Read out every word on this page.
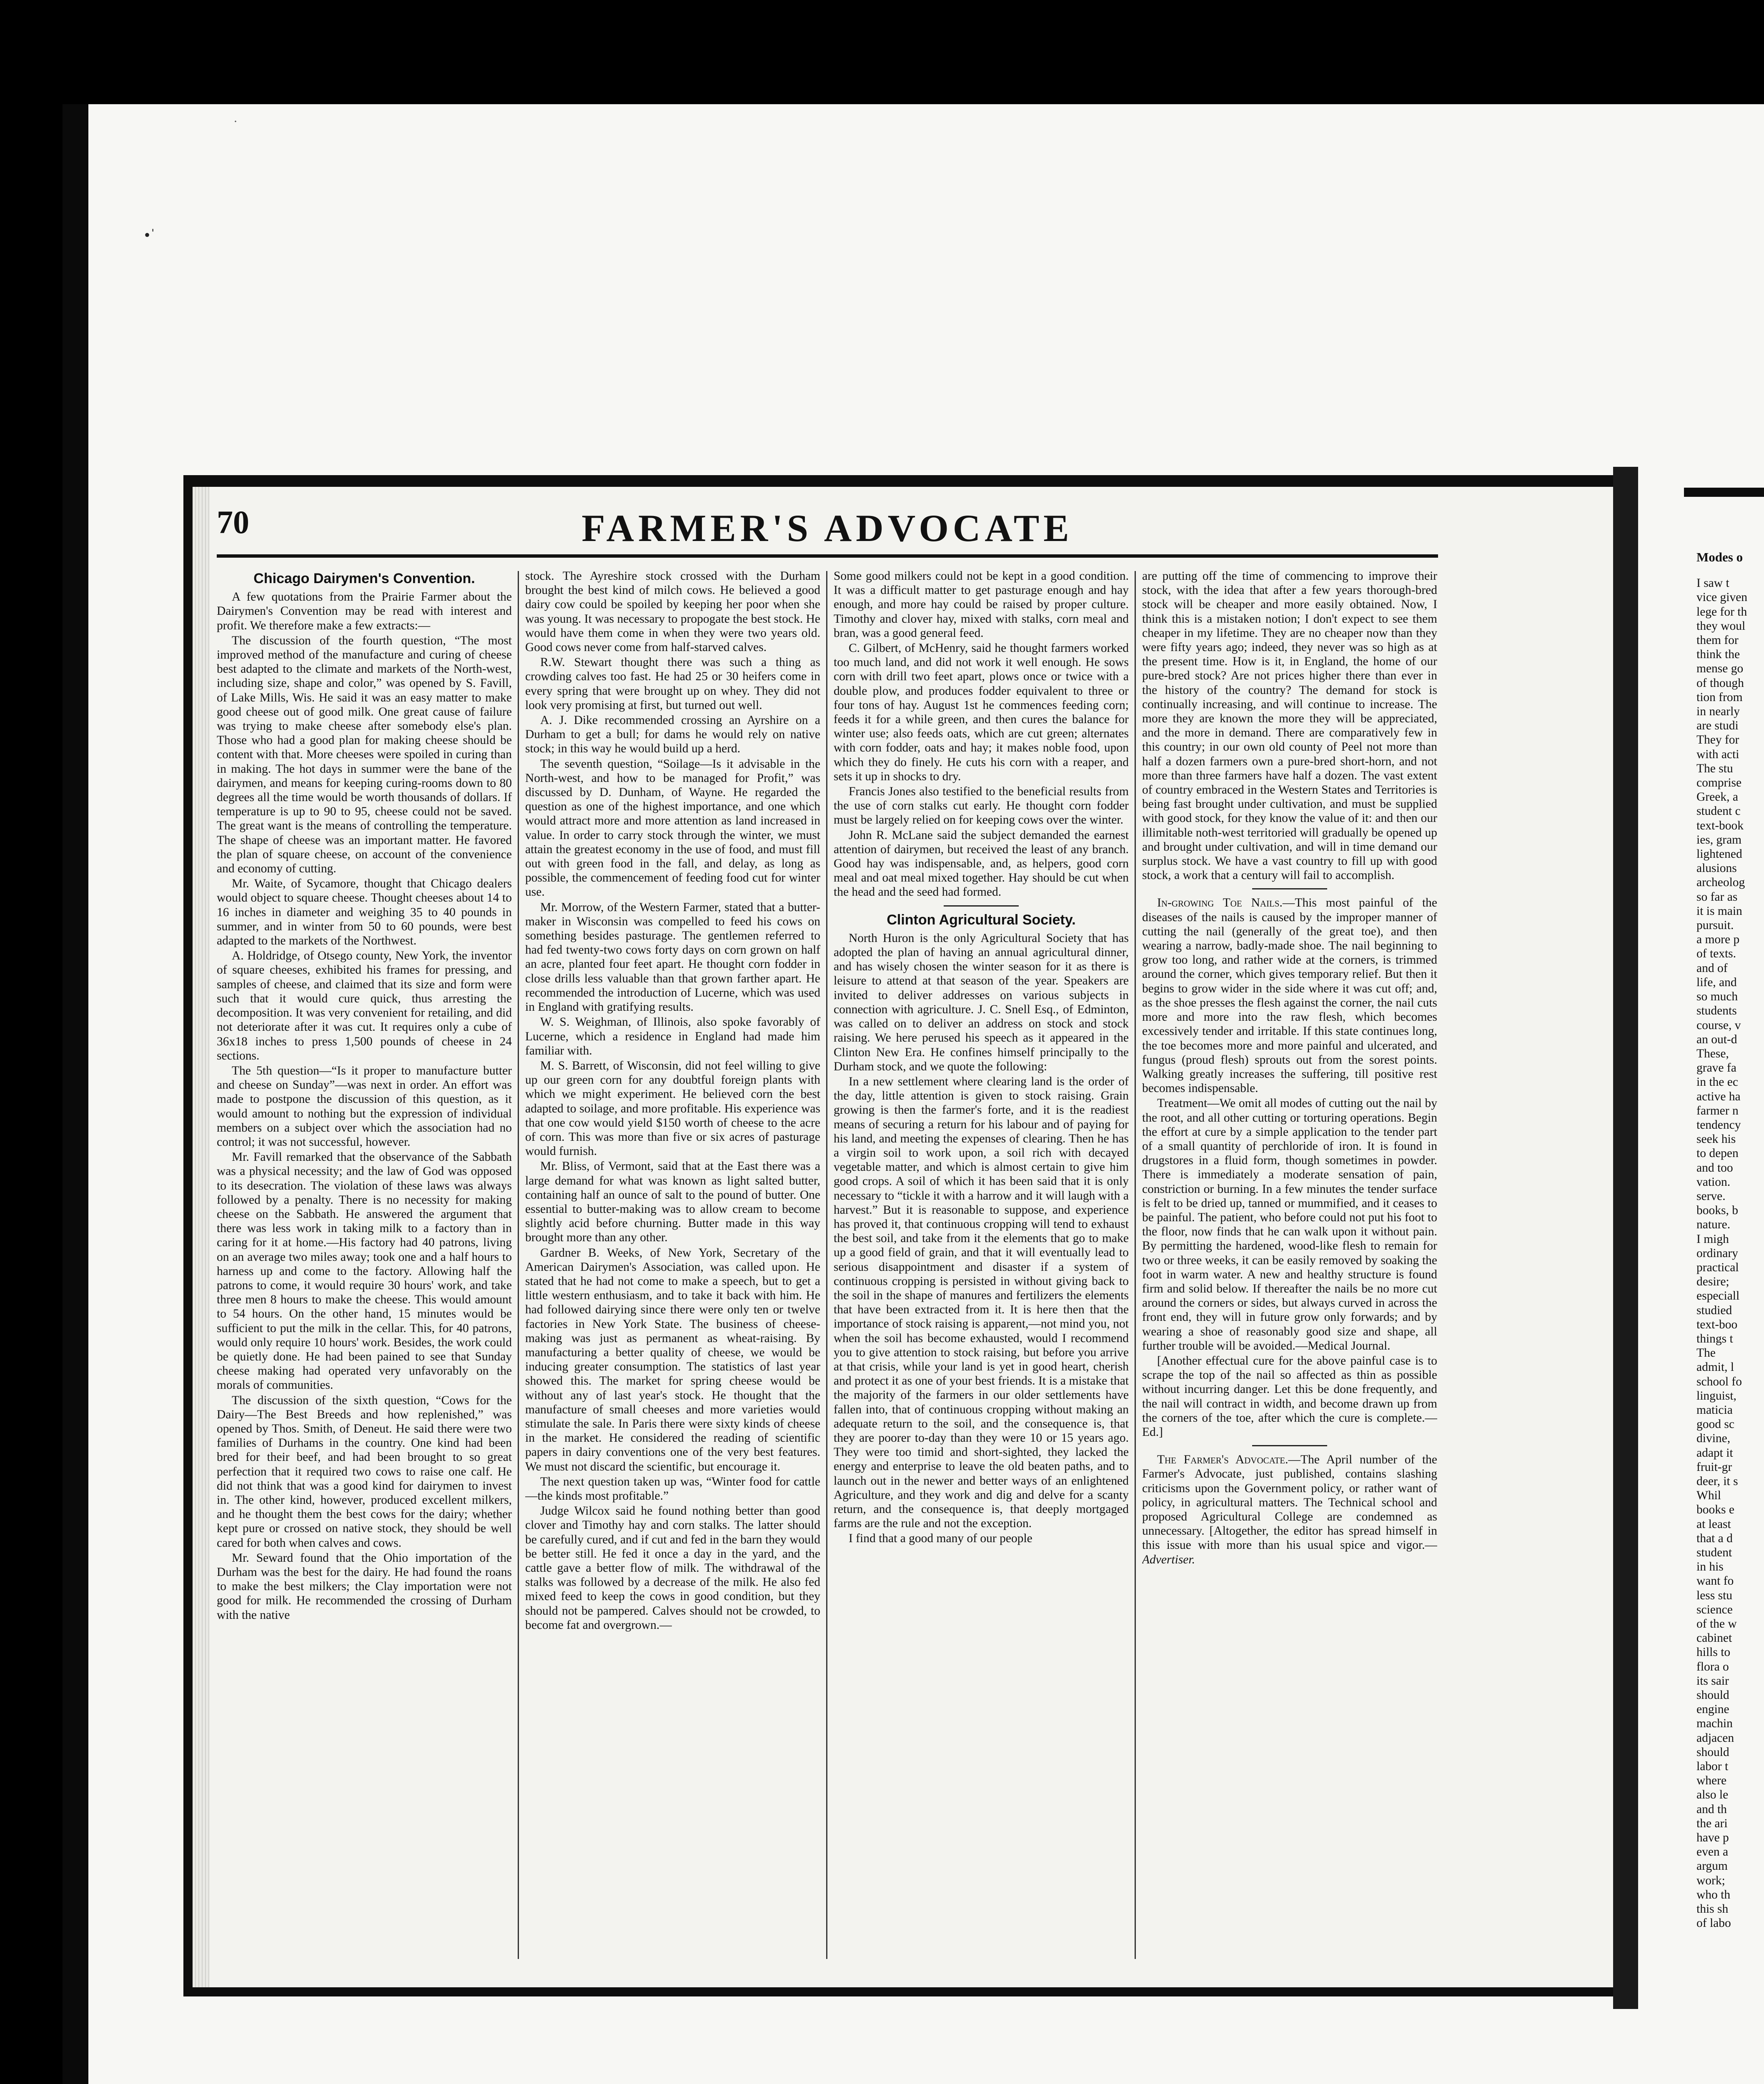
·
•ˈ
70	FARMER'S ADVOCATE
Chicago Dairymen's Convention.

A few quotations from the Prairie Farmer about the Dairymen's Convention may be read with interest and profit. We therefore make a few extracts:—

The discussion of the fourth question, “The most improved method of the manufacture and curing of cheese best adapted to the climate and markets of the North-west, including size, shape and color,” was opened by S. Favill, of Lake Mills, Wis. He said it was an easy matter to make good cheese out of good milk. One great cause of failure was trying to make cheese after somebody else's plan. Those who had a good plan for making cheese should be content with that. More cheeses were spoiled in curing than in making. The hot days in summer were the bane of the dairymen, and means for keeping curing-rooms down to 80 degrees all the time would be worth thousands of dollars. If temperature is up to 90 to 95, cheese could not be saved. The great want is the means of controlling the temperature. The shape of cheese was an important matter. He favored the plan of square cheese, on account of the convenience and economy of cutting.

Mr. Waite, of Sycamore, thought that Chicago dealers would object to square cheese. Thought cheeses about 14 to 16 inches in diameter and weighing 35 to 40 pounds in summer, and in winter from 50 to 60 pounds, were best adapted to the markets of the Northwest.

A. Holdridge, of Otsego county, New York, the inventor of square cheeses, exhibited his frames for pressing, and samples of cheese, and claimed that its size and form were such that it would cure quick, thus arresting the decomposition. It was very convenient for retailing, and did not deteriorate after it was cut. It requires only a cube of 36x18 inches to press 1,500 pounds of cheese in 24 sections.

The 5th question—“Is it proper to manufacture butter and cheese on Sunday”—was next in order. An effort was made to postpone the discussion of this question, as it would amount to nothing but the expression of individual members on a subject over which the association had no control; it was not successful, however.

Mr. Favill remarked that the observance of the Sabbath was a physical necessity; and the law of God was opposed to its desecration. The violation of these laws was always followed by a penalty. There is no necessity for making cheese on the Sabbath. He answered the argument that there was less work in taking milk to a factory than in caring for it at home.—His factory had 40 patrons, living on an average two miles away; took one and a half hours to harness up and come to the factory. Allowing half the patrons to come, it would require 30 hours' work, and take three men 8 hours to make the cheese. This would amount to 54 hours. On the other hand, 15 minutes would be sufficient to put the milk in the cellar. This, for 40 patrons, would only require 10 hours' work. Besides, the work could be quietly done. He had been pained to see that Sunday cheese making had operated very unfavorably on the morals of communities.

The discussion of the sixth question, “Cows for the Dairy—The Best Breeds and how replenished,” was opened by Thos. Smith, of Deneut. He said there were two families of Durhams in the country. One kind had been bred for their beef, and had been brought to so great perfection that it required two cows to raise one calf. He did not think that was a good kind for dairymen to invest in. The other kind, however, produced excellent milkers, and he thought them the best cows for the dairy; whether kept pure or crossed on native stock, they should be well cared for both when calves and cows.

Mr. Seward found that the Ohio importation of the Durham was the best for the dairy. He had found the roans to make the best milkers; the Clay importation were not good for milk. He recommended the crossing of Durham with the native

stock. The Ayreshire stock crossed with the Durham brought the best kind of milch cows. He believed a good dairy cow could be spoiled by keeping her poor when she was young. It was necessary to propogate the best stock. He would have them come in when they were two years old. Good cows never come from half-starved calves.

R.W. Stewart thought there was such a thing as crowding calves too fast. He had 25 or 30 heifers come in every spring that were brought up on whey. They did not look very promising at first, but turned out well.

A. J. Dike recommended crossing an Ayrshire on a Durham to get a bull; for dams he would rely on native stock; in this way he would build up a herd.

The seventh question, “Soilage—Is it advisable in the North-west, and how to be managed for Profit,” was discussed by D. Dunham, of Wayne. He regarded the question as one of the highest importance, and one which would attract more and more attention as land increased in value. In order to carry stock through the winter, we must attain the greatest economy in the use of food, and must fill out with green food in the fall, and delay, as long as possible, the commencement of feeding food cut for winter use.

Mr. Morrow, of the Western Farmer, stated that a butter-maker in Wisconsin was compelled to feed his cows on something besides pasturage. The gentlemen referred to had fed twenty-two cows forty days on corn grown on half an acre, planted four feet apart. He thought corn fodder in close drills less valuable than that grown farther apart. He recommended the introduction of Lucerne, which was used in England with gratifying results.

W. S. Weighman, of Illinois, also spoke favorably of Lucerne, which a residence in England had made him familiar with.

M. S. Barrett, of Wisconsin, did not feel willing to give up our green corn for any doubtful foreign plants with which we might experiment. He believed corn the best adapted to soilage, and more profitable. His experience was that one cow would yield $150 worth of cheese to the acre of corn. This was more than five or six acres of pasturage would furnish.

Mr. Bliss, of Vermont, said that at the East there was a large demand for what was known as light salted butter, containing half an ounce of salt to the pound of butter. One essential to butter-making was to allow cream to become slightly acid before churning. Butter made in this way brought more than any other.

Gardner B. Weeks, of New York, Secretary of the American Dairymen's Association, was called upon. He stated that he had not come to make a speech, but to get a little western enthusiasm, and to take it back with him. He had followed dairying since there were only ten or twelve factories in New York State. The business of cheese-making was just as permanent as wheat-raising. By manufacturing a better quality of cheese, we would be inducing greater consumption. The statistics of last year showed this. The market for spring cheese would be without any of last year's stock. He thought that the manufacture of small cheeses and more varieties would stimulate the sale. In Paris there were sixty kinds of cheese in the market. He considered the reading of scientific papers in dairy conventions one of the very best features. We must not discard the scientific, but encourage it.

The next question taken up was, “Winter food for cattle—the kinds most profitable.”

Judge Wilcox said he found nothing better than good clover and Timothy hay and corn stalks. The latter should be carefully cured, and if cut and fed in the barn they would be better still. He fed it once a day in the yard, and the cattle gave a better flow of milk. The withdrawal of the stalks was followed by a decrease of the milk. He also fed mixed feed to keep the cows in good condition, but they should not be pampered. Calves should not be crowded, to become fat and overgrown.—

Some good milkers could not be kept in a good condition. It was a difficult matter to get pasturage enough and hay enough, and more hay could be raised by proper culture. Timothy and clover hay, mixed with stalks, corn meal and bran, was a good general feed.

C. Gilbert, of McHenry, said he thought farmers worked too much land, and did not work it well enough. He sows corn with drill two feet apart, plows once or twice with a double plow, and produces fodder equivalent to three or four tons of hay. August 1st he commences feeding corn; feeds it for a while green, and then cures the balance for winter use; also feeds oats, which are cut green; alternates with corn fodder, oats and hay; it makes noble food, upon which they do finely. He cuts his corn with a reaper, and sets it up in shocks to dry.

Francis Jones also testified to the beneficial results from the use of corn stalks cut early. He thought corn fodder must be largely relied on for keeping cows over the winter.

John R. McLane said the subject demanded the earnest attention of dairymen, but received the least of any branch. Good hay was indispensable, and, as helpers, good corn meal and oat meal mixed together. Hay should be cut when the head and the seed had formed.

Clinton Agricultural Society.

North Huron is the only Agricultural Society that has adopted the plan of having an annual agricultural dinner, and has wisely chosen the winter season for it as there is leisure to attend at that season of the year. Speakers are invited to deliver addresses on various subjects in connection with agriculture. J. C. Snell Esq., of Edminton, was called on to deliver an address on stock and stock raising. We here perused his speech as it appeared in the Clinton New Era. He confines himself principally to the Durham stock, and we quote the following:

In a new settlement where clearing land is the order of the day, little attention is given to stock raising. Grain growing is then the farmer's forte, and it is the readiest means of securing a return for his labour and of paying for his land, and meeting the expenses of clearing. Then he has a virgin soil to work upon, a soil rich with decayed vegetable matter, and which is almost certain to give him good crops. A soil of which it has been said that it is only necessary to “tickle it with a harrow and it will laugh with a harvest.” But it is reasonable to suppose, and experience has proved it, that continuous cropping will tend to exhaust the best soil, and take from it the elements that go to make up a good field of grain, and that it will eventually lead to serious disappointment and disaster if a system of continuous cropping is persisted in without giving back to the soil in the shape of manures and fertilizers the elements that have been extracted from it. It is here then that the importance of stock raising is apparent,—not mind you, not when the soil has become exhausted, would I recommend you to give attention to stock raising, but before you arrive at that crisis, while your land is yet in good heart, cherish and protect it as one of your best friends. It is a mistake that the majority of the farmers in our older settlements have fallen into, that of continuous cropping without making an adequate return to the soil, and the consequence is, that they are poorer to-day than they were 10 or 15 years ago. They were too timid and short-sighted, they lacked the energy and enterprise to leave the old beaten paths, and to launch out in the newer and better ways of an enlightened Agriculture, and they work and dig and delve for a scanty return, and the consequence is, that deeply mortgaged farms are the rule and not the exception.

I find that a good many of our people

are putting off the time of commencing to improve their stock, with the idea that after a few years thorough-bred stock will be cheaper and more easily obtained. Now, I think this is a mistaken notion; I don't expect to see them cheaper in my lifetime. They are no cheaper now than they were fifty years ago; indeed, they never was so high as at the present time. How is it, in England, the home of our pure-bred stock? Are not prices higher there than ever in the history of the country? The demand for stock is continually increasing, and will continue to increase. The more they are known the more they will be appreciated, and the more in demand. There are comparatively few in this country; in our own old county of Peel not more than half a dozen farmers own a pure-bred short-horn, and not more than three farmers have half a dozen. The vast extent of country embraced in the Western States and Territories is being fast brought under cultivation, and must be supplied with good stock, for they know the value of it: and then our illimitable noth-west territoried will gradually be opened up and brought under cultivation, and will in time demand our surplus stock. We have a vast country to fill up with good stock, a work that a century will fail to accomplish.

In-growing Toe Nails.—This most painful of the diseases of the nails is caused by the improper manner of cutting the nail (generally of the great toe), and then wearing a narrow, badly-made shoe. The nail beginning to grow too long, and rather wide at the corners, is trimmed around the corner, which gives temporary relief. But then it begins to grow wider in the side where it was cut off; and, as the shoe presses the flesh against the corner, the nail cuts more and more into the raw flesh, which becomes excessively tender and irritable. If this state continues long, the toe becomes more and more painful and ulcerated, and fungus (proud flesh) sprouts out from the sorest points. Walking greatly increases the suffering, till positive rest becomes indispensable.

Treatment—We omit all modes of cutting out the nail by the root, and all other cutting or torturing operations. Begin the effort at cure by a simple application to the tender part of a small quantity of perchloride of iron. It is found in drugstores in a fluid form, though sometimes in powder. There is immediately a moderate sensation of pain, constriction or burning. In a few minutes the tender surface is felt to be dried up, tanned or mummified, and it ceases to be painful. The patient, who before could not put his foot to the floor, now finds that he can walk upon it without pain. By permitting the hardened, wood-like flesh to remain for two or three weeks, it can be easily removed by soaking the foot in warm water. A new and healthy structure is found firm and solid below. If thereafter the nails be no more cut around the corners or sides, but always curved in across the front end, they will in future grow only forwards; and by wearing a shoe of reasonably good size and shape, all further trouble will be avoided.—Medical Journal.

[Another effectual cure for the above painful case is to scrape the top of the nail so affected as thin as possible without incurring danger. Let this be done frequently, and the nail will contract in width, and become drawn up from the corners of the toe, after which the cure is complete.—Ed.]

The Farmer's Advocate.—The April number of the Farmer's Advocate, just published, contains slashing criticisms upon the Government policy, or rather want of policy, in agricultural matters. The Technical school and proposed Agricultural College are condemned as unnecessary. [Altogether, the editor has spread himself in this issue with more than his usual spice and vigor.—Advertiser.

Modes o
I saw t
vice given
lege for th
they woul
them for
think the
mense go
of though
tion from
in nearly
are studi
They for
with acti
The stu
comprise
Greek, a
student c
text-book
ies, gram
lightened
alusions
archeolog
so far as
it is main
pursuit.
a more p
of texts.
and of
life, and
so much
students
course, v
an out-d
These,
grave fa
in the ec
active ha
farmer n
tendency
seek his
to depen
and too
vation.
serve.
books, b
nature.
I migh
ordinary
practical
desire;
especiall
studied
text-boo
things t
The
admit, l
school fo
linguist,
maticia
good sc
divine,
adapt it
fruit-gr
deer, it s
Whil
books e
at least
that a d
student
in his
want fo
less stu
science
of the w
cabinet
hills to
flora o
its sair
should
engine
machin
adjacen
should
labor t
where
also le
and th
the ari
have p
even a
argum
work;
who th
this sh
of labo
